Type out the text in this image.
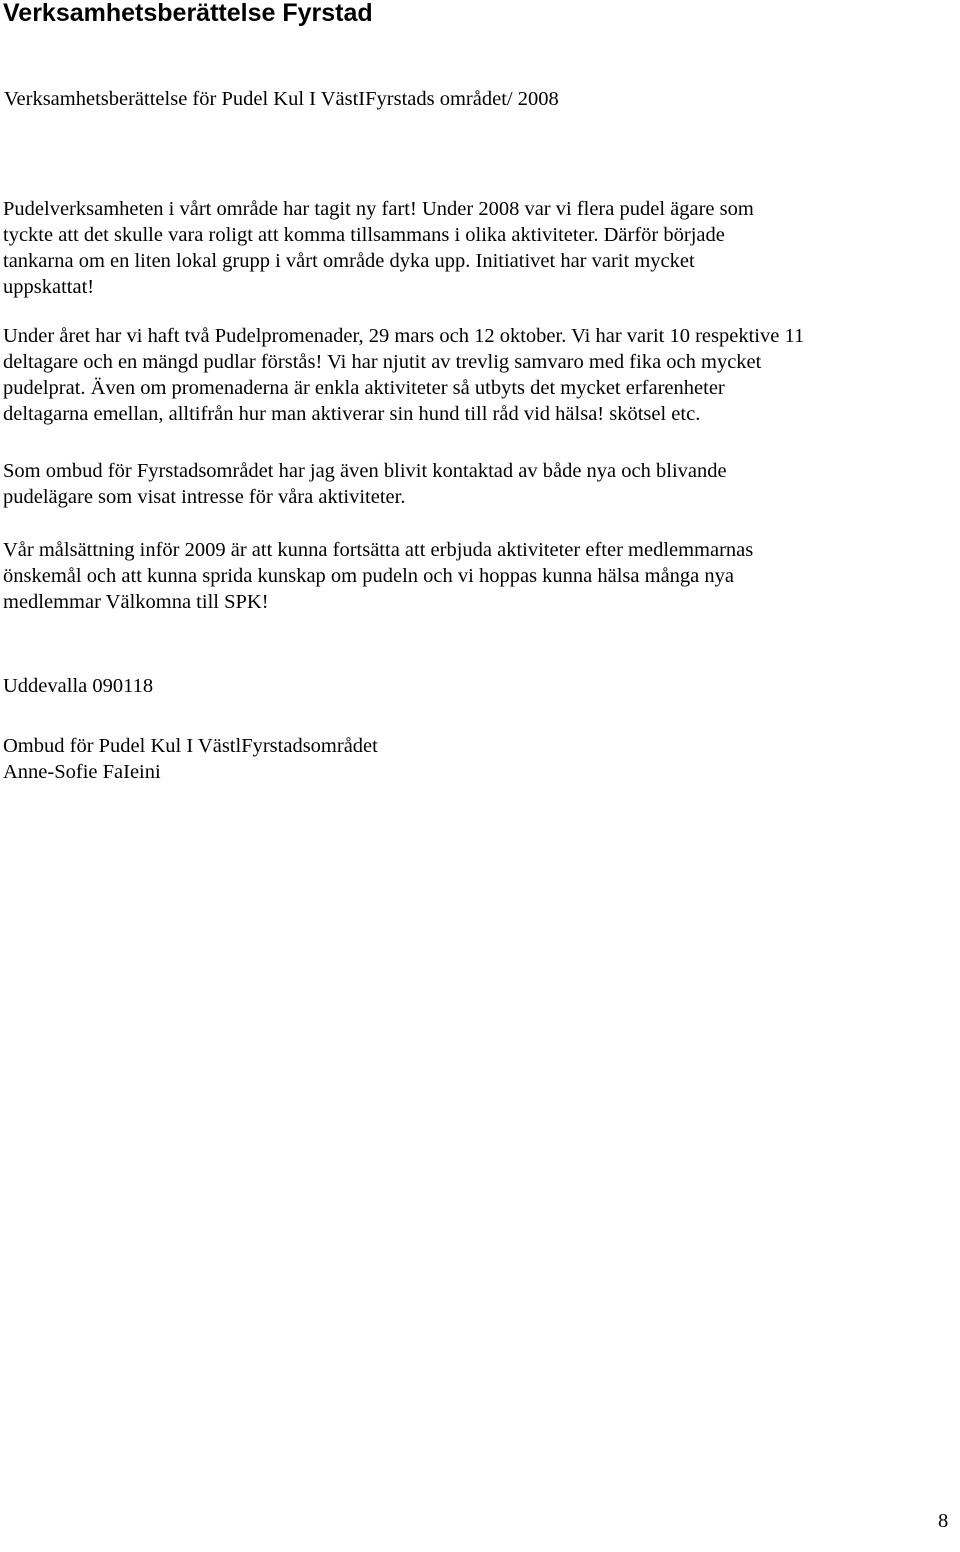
Verksamhetsberättelse Fyrstad

Verksamhetsberättelse för Pudel Kul I VästIFyrstads området/ 2008

Pudelverksamheten i vårt område har tagit ny fart! Under 2008 var vi flera pudel ägare som
tyckte att det skulle vara roligt att komma tillsammans i olika aktiviteter. Därför började
tankarna om en liten lokal grupp i vårt område dyka upp. Initiativet har varit mycket
uppskattat!
Under året har vi haft två Pudelpromenader, 29 mars och 12 oktober. Vi har varit 10 respektive 11
deltagare och en mängd pudlar förstås! Vi har njutit av trevlig samvaro med fika och mycket
pudelprat. Även om promenaderna är enkla aktiviteter så utbyts det mycket erfarenheter
deltagarna emellan, alltifrån hur man aktiverar sin hund till råd vid hälsa! skötsel etc.
Som ombud för Fyrstadsområdet har jag även blivit kontaktad av både nya och blivande
pudelägare som visat intresse för våra aktiviteter.
Vår målsättning inför 2009 är att kunna fortsätta att erbjuda aktiviteter efter medlemmarnas
önskemål och att kunna sprida kunskap om pudeln och vi hoppas kunna hälsa många nya
medlemmar Välkomna till SPK!

Uddevalla 090118

Ombud för Pudel Kul I VästlFyrstadsområdet
Anne-Sofie FaIeini

8
